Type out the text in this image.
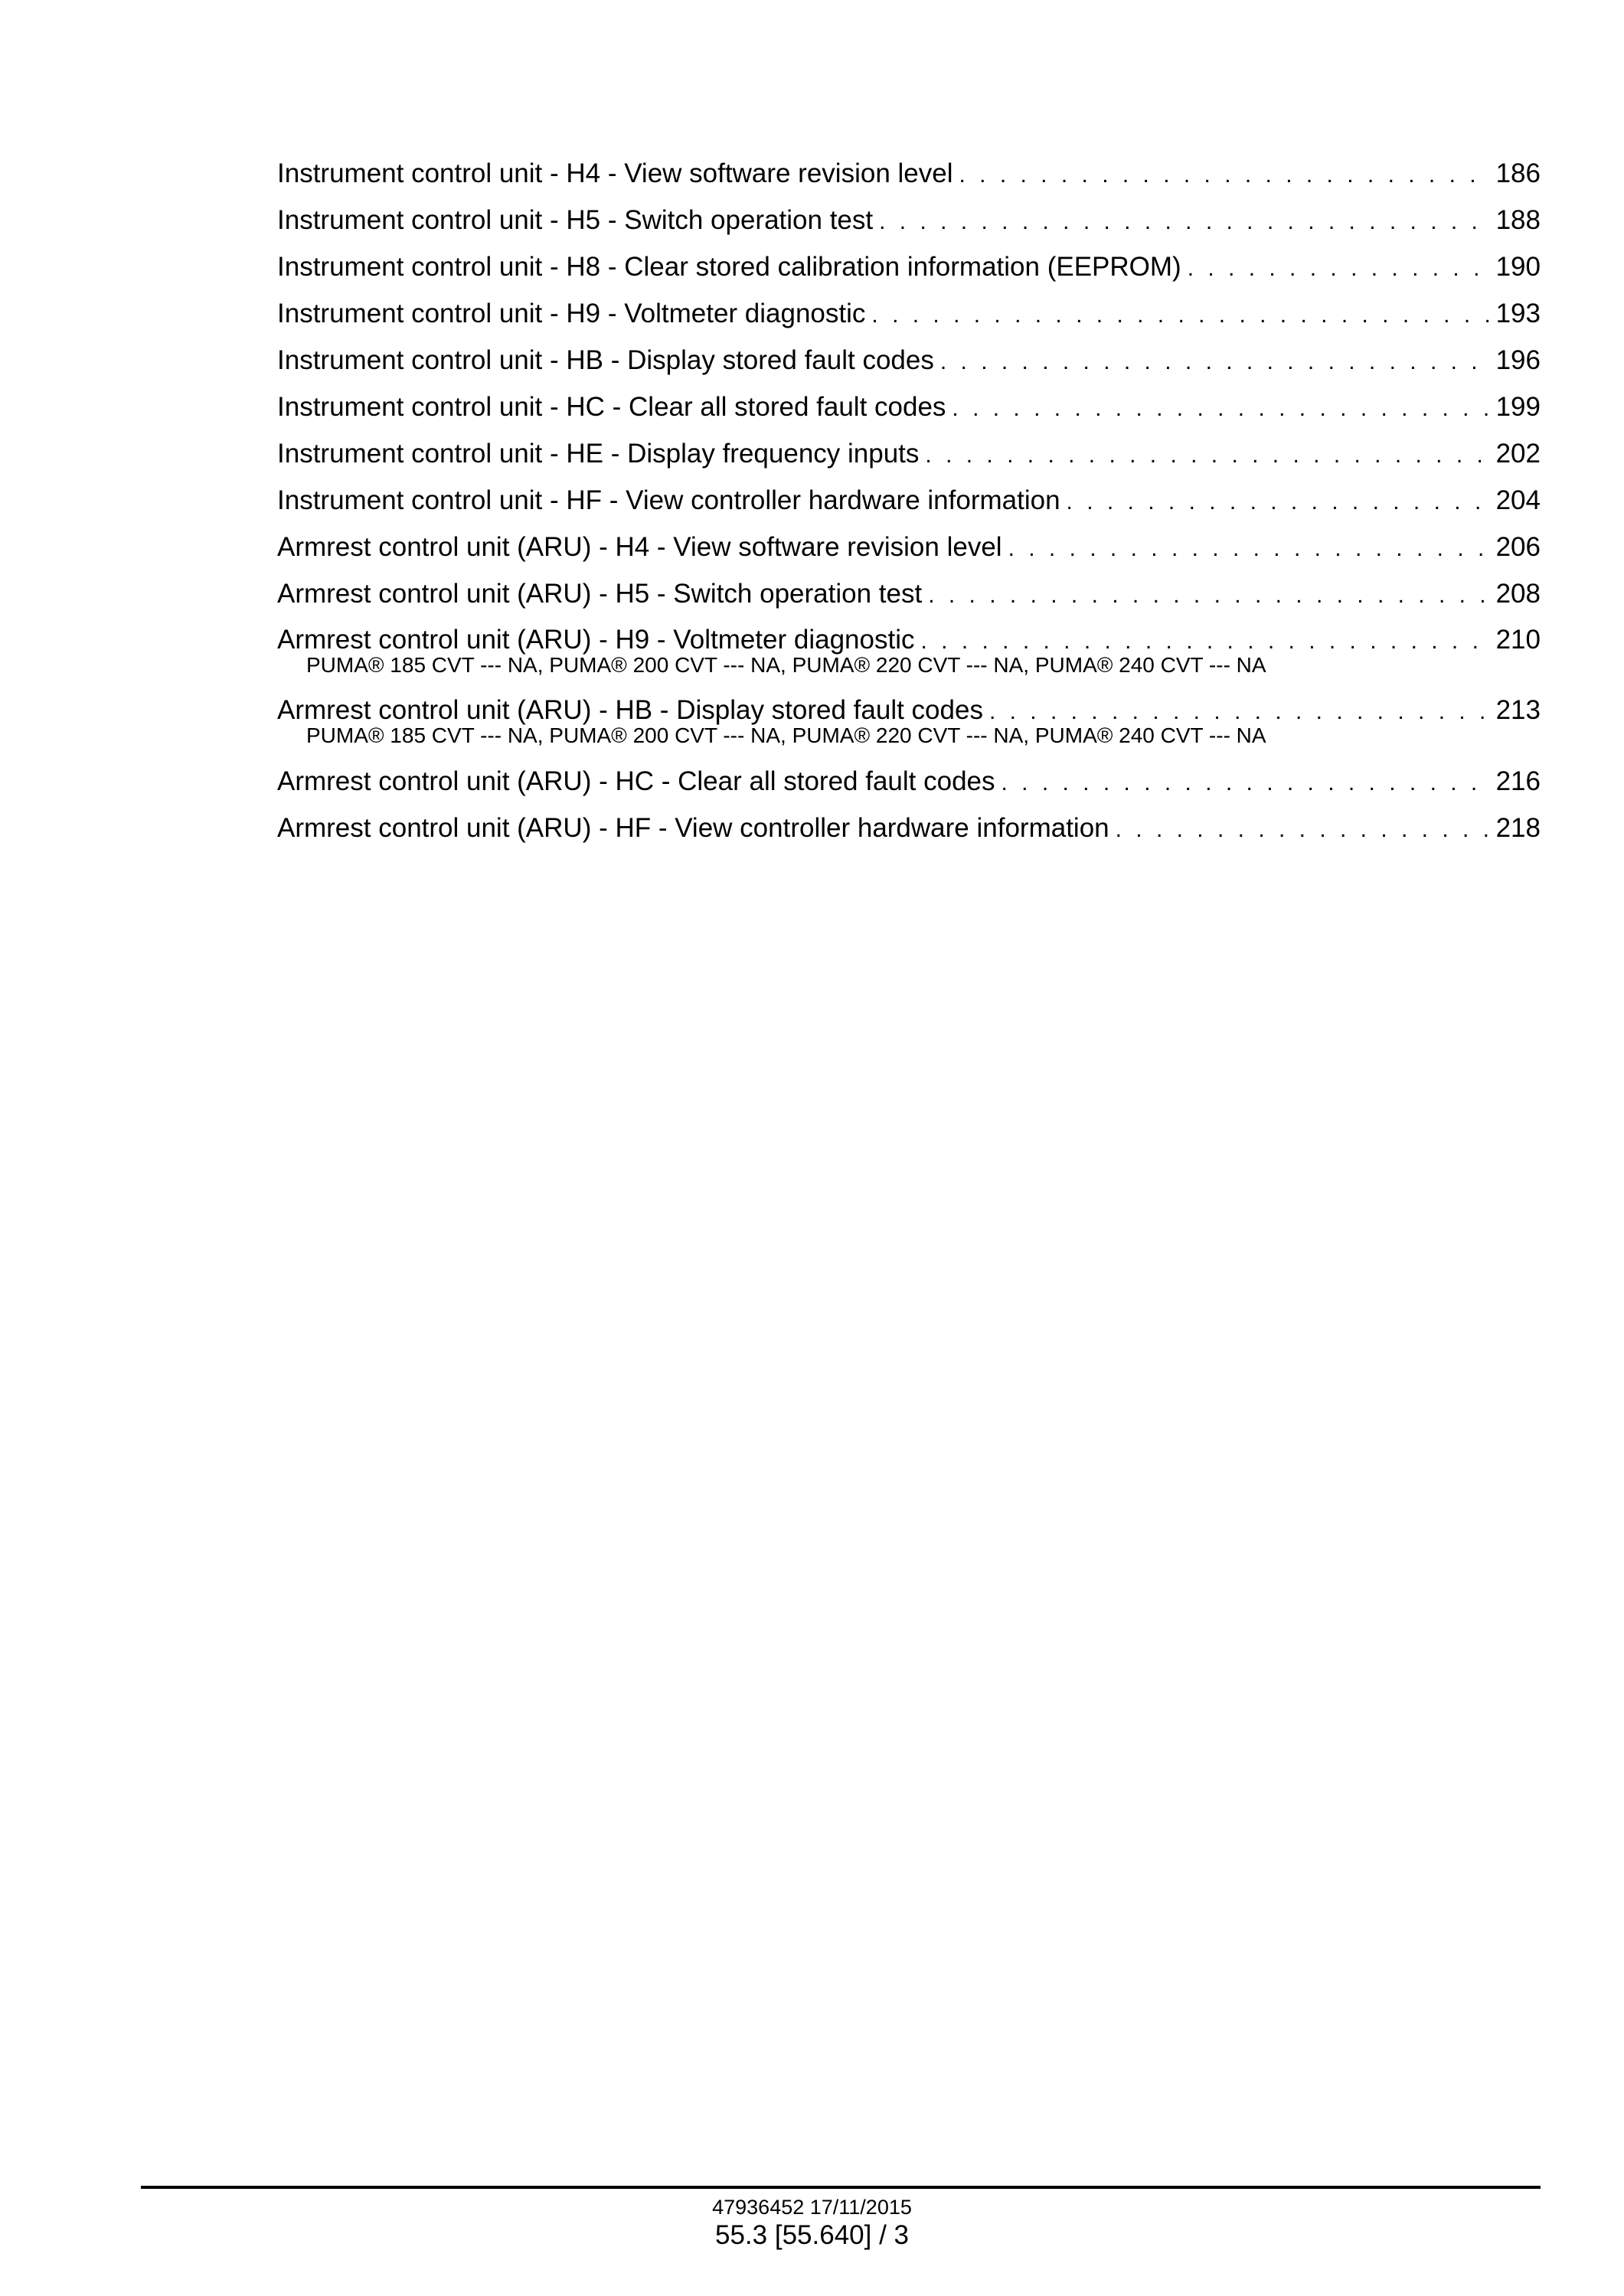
Instrument control unit - H4 - View software revision level . . .	186
Instrument control unit - H5 - Switch operation test . . .	188
Instrument control unit - H8 - Clear stored calibration information (EEPROM) . . .	190
Instrument control unit - H9 - Voltmeter diagnostic . . .	193
Instrument control unit - HB - Display stored fault codes . . .	196
Instrument control unit - HC - Clear all stored fault codes . . .	199
Instrument control unit - HE - Display frequency inputs . . .	202
Instrument control unit - HF - View controller hardware information . . .	204
Armrest control unit (ARU) - H4 - View software revision level . . .	206
Armrest control unit (ARU) - H5 - Switch operation test . . .	208
Armrest control unit (ARU) - H9 - Voltmeter diagnostic . . .	210
PUMA® 185 CVT --- NA, PUMA® 200 CVT --- NA, PUMA® 220 CVT --- NA, PUMA® 240 CVT --- NA
Armrest control unit (ARU) - HB - Display stored fault codes . . .	213
PUMA® 185 CVT --- NA, PUMA® 200 CVT --- NA, PUMA® 220 CVT --- NA, PUMA® 240 CVT --- NA
Armrest control unit (ARU) - HC - Clear all stored fault codes . . .	216
Armrest control unit (ARU) - HF - View controller hardware information . . .	218
47936452 17/11/2015
55.3 [55.640] / 3
